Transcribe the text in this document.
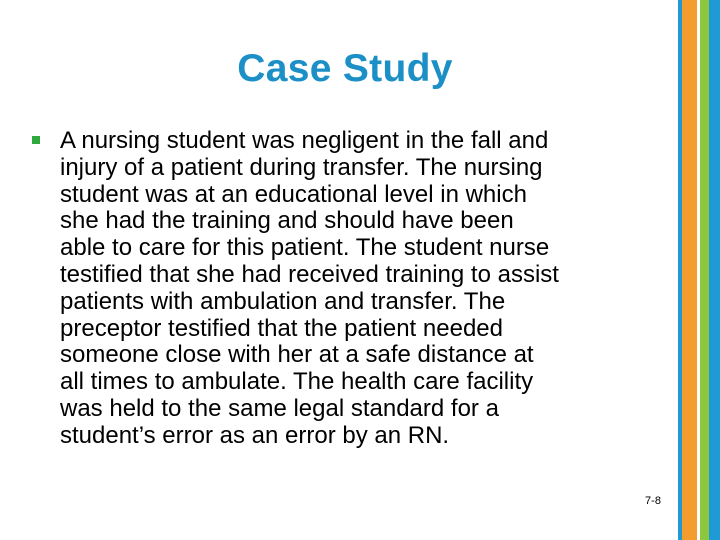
Case Study
A nursing student was negligent in the fall and
injury of a patient during transfer. The nursing
student was at an educational level in which
she had the training and should have been
able to care for this patient. The student nurse
testified that she had received training to assist
patients with ambulation and transfer. The
preceptor testified that the patient needed
someone close with her at a safe distance at
all times to ambulate. The health care facility
was held to the same legal standard for a
student’s error as an error by an RN.
7-8
